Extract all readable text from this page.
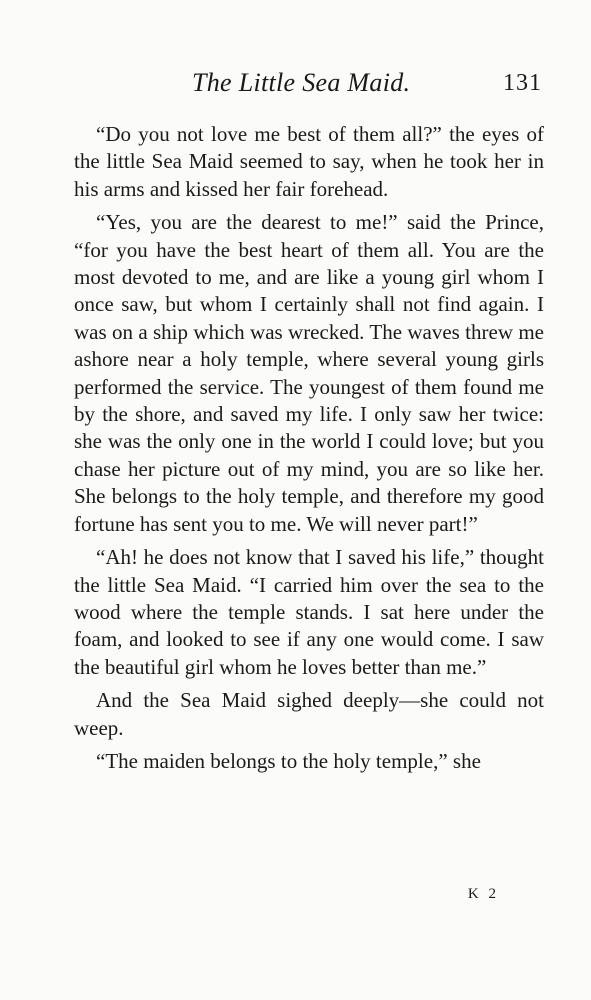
The Little Sea Maid.	131

“Do you not love me best of them all?” the eyes of the little Sea Maid seemed to say, when he took her in his arms and kissed her fair forehead.

“Yes, you are the dearest to me!” said the Prince, “for you have the best heart of them all. You are the most devoted to me, and are like a young girl whom I once saw, but whom I certainly shall not find again. I was on a ship which was wrecked. The waves threw me ashore near a holy temple, where several young girls performed the service. The youngest of them found me by the shore, and saved my life. I only saw her twice: she was the only one in the world I could love; but you chase her picture out of my mind, you are so like her. She belongs to the holy temple, and therefore my good fortune has sent you to me. We will never part!”

“Ah! he does not know that I saved his life,” thought the little Sea Maid. “I carried him over the sea to the wood where the temple stands. I sat here under the foam, and looked to see if any one would come. I saw the beautiful girl whom he loves better than me.”

And the Sea Maid sighed deeply—she could not weep.

“The maiden belongs to the holy temple,” she

K 2
